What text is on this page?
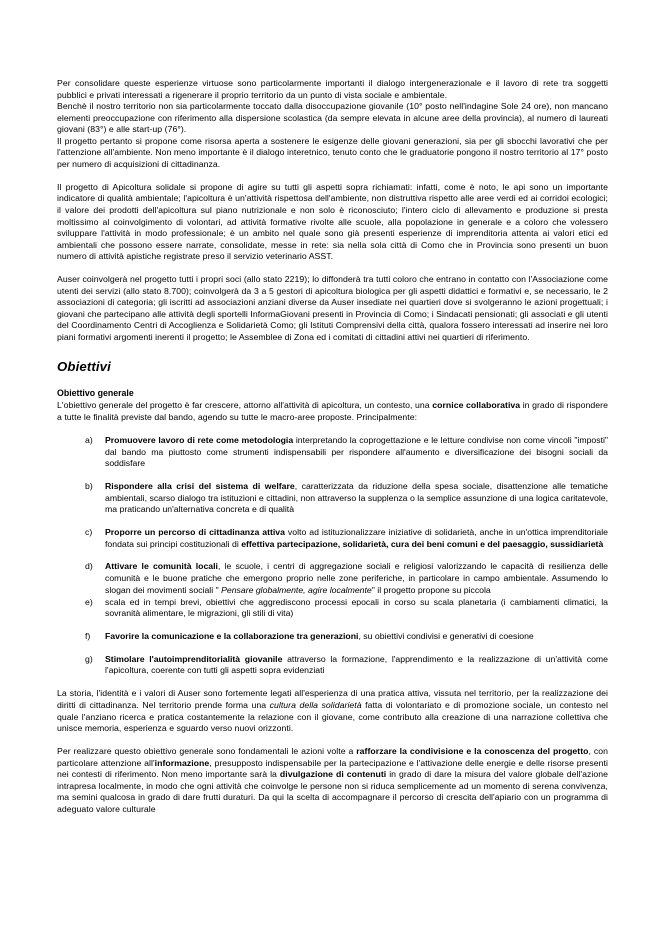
Per consolidare queste esperienze virtuose sono particolarmente importanti il dialogo intergenerazionale e il lavoro di rete tra soggetti pubblici e privati interessati a rigenerare il proprio territorio da un punto di vista sociale e ambientale.

Benchè il nostro territorio non sia particolarmente toccato dalla disoccupazione giovanile (10° posto nell'indagine Sole 24 ore), non mancano elementi preoccupazione con riferimento alla dispersione scolastica (da sempre elevata in alcune aree della provincia), al numero di laureati giovani (83°) e alle start-up (76°).

Il progetto pertanto si propone come risorsa aperta a sostenere le esigenze delle giovani generazioni, sia per gli sbocchi lavorativi che per l'attenzione all'ambiente. Non meno importante è il dialogo interetnico, tenuto conto che le graduatorie pongono il nostro territorio al 17° posto per numero di acquisizioni di cittadinanza.

Il progetto di Apicoltura solidale si propone di agire su tutti gli aspetti sopra richiamati: infatti, come è noto, le api sono un importante indicatore di qualità ambientale; l'apicoltura è un'attività rispettosa dell'ambiente, non distruttiva rispetto alle aree verdi ed ai corridoi ecologici; il valore dei prodotti dell'apicoltura sul piano nutrizionale e non solo è riconosciuto; l'intero ciclo di allevamento e produzione si presta moltissimo al coinvolgimento di volontari, ad attività formative rivolte alle scuole, alla popolazione in generale e a coloro che volessero sviluppare l'attività in modo professionale; è un ambito nel quale sono già presenti esperienze di imprenditoria attenta ai valori etici ed ambientali che possono essere narrate, consolidate, messe in rete: sia nella sola città di Como che in Provincia sono presenti un buon numero di attività apistiche registrate preso il servizio veterinario ASST.

Auser coinvolgerà nel progetto tutti i propri soci (allo stato 2219); lo diffonderà tra tutti coloro che entrano in contatto con l'Associazione come utenti dei servizi (allo stato 8.700); coinvolgerà da 3 a 5 gestori di apicoltura biologica per gli aspetti didattici e formativi e, se necessario, le 2 associazioni di categoria; gli iscritti ad associazioni anziani diverse da Auser insediate nei quartieri dove si svolgeranno le azioni progettuali; i giovani che partecipano alle attività degli sportelli InformaGiovani presenti in Provincia di Como; i Sindacati pensionati; gli associati e gli utenti del Coordinamento Centri di Accoglienza e Solidarietà Como; gli Istituti Comprensivi della città, qualora fossero interessati ad inserire nei loro piani formativi argomenti inerenti il progetto; le Assemblee di Zona ed i comitati di cittadini attivi nei quartieri di riferimento.

Obiettivi
Obiettivo generale

L'obiettivo generale del progetto è far crescere, attorno all'attività di apicoltura, un contesto, una cornice collaborativa in grado di rispondere a tutte le finalità previste dal bando, agendo su tutte le macro-aree proposte. Principalmente:

a) Promuovere lavoro di rete come metodologia interpretando la coprogettazione e le letture condivise non come vincoli "imposti" dal bando ma piuttosto come strumenti indispensabili per rispondere all'aumento e diversificazione dei bisogni sociali da soddisfare
b) Rispondere alla crisi del sistema di welfare, caratterizzata da riduzione della spesa sociale, disattenzione alle tematiche ambientali, scarso dialogo tra istituzioni e cittadini, non attraverso la supplenza o la semplice assunzione di una logica caritatevole, ma praticando un'alternativa concreta e di qualità
c) Proporre un percorso di cittadinanza attiva volto ad istituzionalizzare iniziative di solidarietà, anche in un'ottica imprenditoriale fondata sui principi costituzionali di effettiva partecipazione, solidarietà, cura dei beni comuni e del paesaggio, sussidiarietà
d) Attivare le comunità locali, le scuole, i centri di aggregazione sociali e religiosi valorizzando le capacità di resilienza delle comunità e le buone pratiche che emergono proprio nelle zone periferiche, in particolare in campo ambientale. Assumendo lo slogan dei movimenti sociali " Pensare globalmente, agire localmente" il progetto propone su piccola
e) scala ed in tempi brevi, obiettivi che aggrediscono processi epocali in corso su scala planetaria (i cambiamenti climatici, la sovranità alimentare, le migrazioni, gli stili di vita)
f) Favorire la comunicazione e la collaborazione tra generazioni, su obiettivi condivisi e generativi di coesione
g) Stimolare l'autoimprenditorialità giovanile attraverso la formazione, l'apprendimento e la realizzazione di un'attività come l'apicoltura, coerente con tutti gli aspetti sopra evidenziati

La storia, l'identità e i valori di Auser sono fortemente legati all'esperienza di una pratica attiva, vissuta nel territorio, per la realizzazione dei diritti di cittadinanza. Nel territorio prende forma una cultura della solidarietà fatta di volontariato e di promozione sociale, un contesto nel quale l'anziano ricerca e pratica costantemente la relazione con il giovane, come contributo alla creazione di una narrazione collettiva che unisce memoria, esperienza e sguardo verso nuovi orizzonti.

Per realizzare questo obiettivo generale sono fondamentali le azioni volte a rafforzare la condivisione e la conoscenza del progetto, con particolare attenzione all'informazione, presupposto indispensabile per la partecipazione e l'attivazione delle energie e delle risorse presenti nei contesti di riferimento. Non meno importante sarà la divulgazione di contenuti in grado di dare la misura del valore globale dell'azione intrapresa localmente, in modo che ogni attività che coinvolge le persone non si riduca semplicemente ad un momento di serena convivenza, ma semini qualcosa in grado di dare frutti duraturi. Da qui la scelta di accompagnare il percorso di crescita dell'apiario con un programma di adeguato valore culturale
